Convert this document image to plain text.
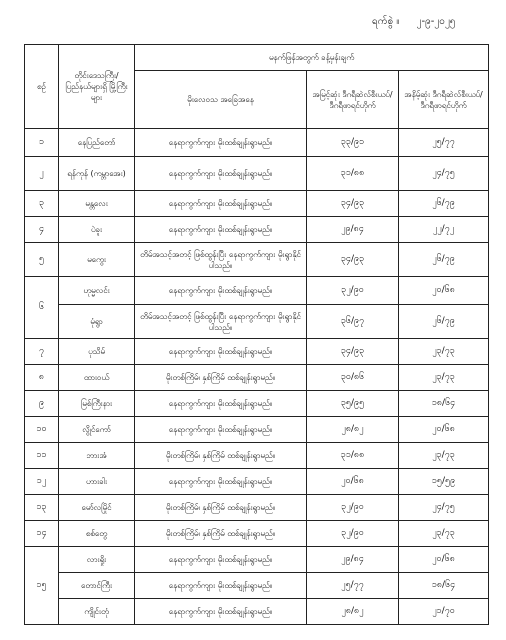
ရက်စွဲ ။ ၂-၉-၂၀၂၅
စဉ်	တိုင်းဒေသကြီး/ ပြည်နယ်များရှိ မြို့ကြီးများ	မနက်ဖြန်အတွက် ခန့်မှန်းချက်		
		မိုးလေဝသ အခြေအနေ	အမြင့်ဆုံး ဒီဂရီဆဲလ်စီးယပ်/ ဒီဂရီဖာရင်ဟိုက်	အနိမ့်ဆုံး ဒီဂရီဆဲလ်စီးယပ်/ ဒီဂရီဖာရင်ဟိုက်
၁	နေပြည်တော်	နေရာကွက်ကျား မိုးထစ်ချုန်းရွာမည်။	၃၃/၉၁	၂၅/၇၇
၂	ရန်ကုန် (ကမ္ဘာအေး)	နေရာကွက်ကျား မိုးထစ်ချုန်းရွာမည်။	၃၁/၈၈	၂၄/၇၅
၃	မန္တလေး	နေရာကွက်ကျား မိုးထစ်ချုန်းရွာမည်။	၃၄/၉၃	၂၆/၇၉
၄	ပဲခူး	နေရာကွက်ကျား မိုးထစ်ချုန်းရွာမည်။	၂၉/၈၄	၂၂/၇၂
၅	မကွေး	တိမ်အသင့်အတင့် ဖြစ်ထွန်းပြီး နေရာကွက်ကျား မိုးရွာနိုင်ပါသည်။	၃၄/၉၃	၂၆/၇၉
၆	ဟုမ္မလင်း	နေရာကွက်ကျား မိုးထစ်ချုန်းရွာမည်။	၃၂/၉၀	၂၀/၆၈
	မုံရွာ	တိမ်အသင့်အတင့် ဖြစ်ထွန်းပြီး နေရာကွက်ကျား မိုးရွာနိုင်ပါသည်။	၃၆/၉၇	၂၆/၇၉
၇	ပုသိမ်	နေရာကွက်ကျား မိုးထစ်ချုန်းရွာမည်။	၃၄/၉၃	၂၃/၇၃
၈	ထားဝယ်	မိုးတစ်ကြိမ်၊ နှစ်ကြိမ် ထစ်ချုန်းရွာမည်။	၃၀/၈၆	၂၃/၇၃
၉	မြစ်ကြီးနား	နေရာကွက်ကျား မိုးထစ်ချုန်းရွာမည်။	၃၅/၉၅	၁၈/၆၄
၁၀	လွိုင်ကော်	နေရာကွက်ကျား မိုးထစ်ချုန်းရွာမည်။	၂၈/၈၂	၂၀/၆၈
၁၁	ဘားအံ	မိုးတစ်ကြိမ်၊ နှစ်ကြိမ် ထစ်ချုန်းရွာမည်။	၃၁/၈၈	၂၃/၇၃
၁၂	ဟားခါး	နေရာကွက်ကျား မိုးထစ်ချုန်းရွာမည်။	၂၀/၆၈	၁၅/၅၉
၁၃	မော်လမြိုင်	မိုးတစ်ကြိမ်၊ နှစ်ကြိမ် ထစ်ချုန်းရွာမည်။	၃၂/၉၀	၂၄/၇၅
၁၄	စစ်တွေ	မိုးတစ်ကြိမ်၊ နှစ်ကြိမ် ထစ်ချုန်းရွာမည်။	၃၂/၉၀	၂၃/၇၃
၁၅	လားရှိုး	နေရာကွက်ကျား မိုးထစ်ချုန်းရွာမည်။	၂၉/၈၄	၂၀/၆၈
	တောင်ကြီး	နေရာကွက်ကျား မိုးထစ်ချုန်းရွာမည်။	၂၅/၇၇	၁၈/၆၄
	ကျိုင်းတုံ	နေရာကွက်ကျား မိုးထစ်ချုန်းရွာမည်။	၂၈/၈၂	၂၁/၇၀
